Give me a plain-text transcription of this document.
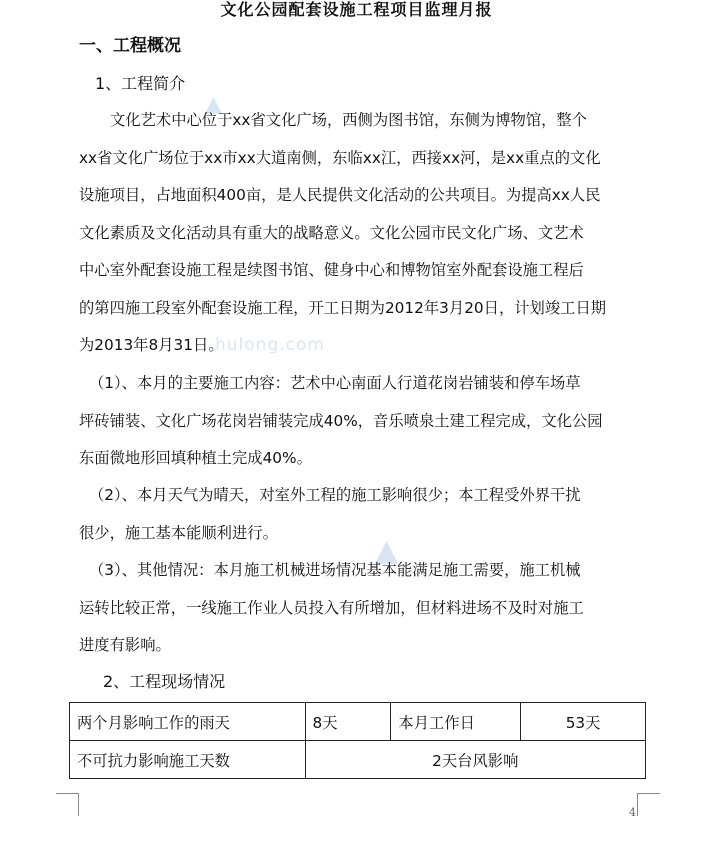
文化公园配套设施工程项目监理月报
一、工程概况
1、工程简介
▲
hulong.com
▲
文化艺术中心位于xx省文化广场，西侧为图书馆，东侧为博物馆，整个
xx省文化广场位于xx市xx大道南侧，东临xx江，西接xx河，是xx重点的文化
设施项目，占地面积400亩，是人民提供文化活动的公共项目。为提高xx人民
文化素质及文化活动具有重大的战略意义。文化公园市民文化广场、文艺术
中心室外配套设施工程是续图书馆、健身中心和博物馆室外配套设施工程后
的第四施工段室外配套设施工程，开工日期为2012年3月20日，计划竣工日期
为2013年8月31日。
（1）、本月的主要施工内容：艺术中心南面人行道花岗岩铺装和停车场草
坪砖铺装、文化广场花岗岩铺装完成40%，音乐喷泉土建工程完成，文化公园
东面微地形回填种植土完成40%。
（2）、本月天气为晴天，对室外工程的施工影响很少；本工程受外界干扰
很少，施工基本能顺利进行。
（3）、其他情况：本月施工机械进场情况基本能满足施工需要，施工机械
运转比较正常，一线施工作业人员投入有所增加，但材料进场不及时对施工
进度有影响。
2、工程现场情况
两个月影响工作的雨天	8天	本月工作日	53天
不可抗力影响施工天数	2天台风影响		
4
